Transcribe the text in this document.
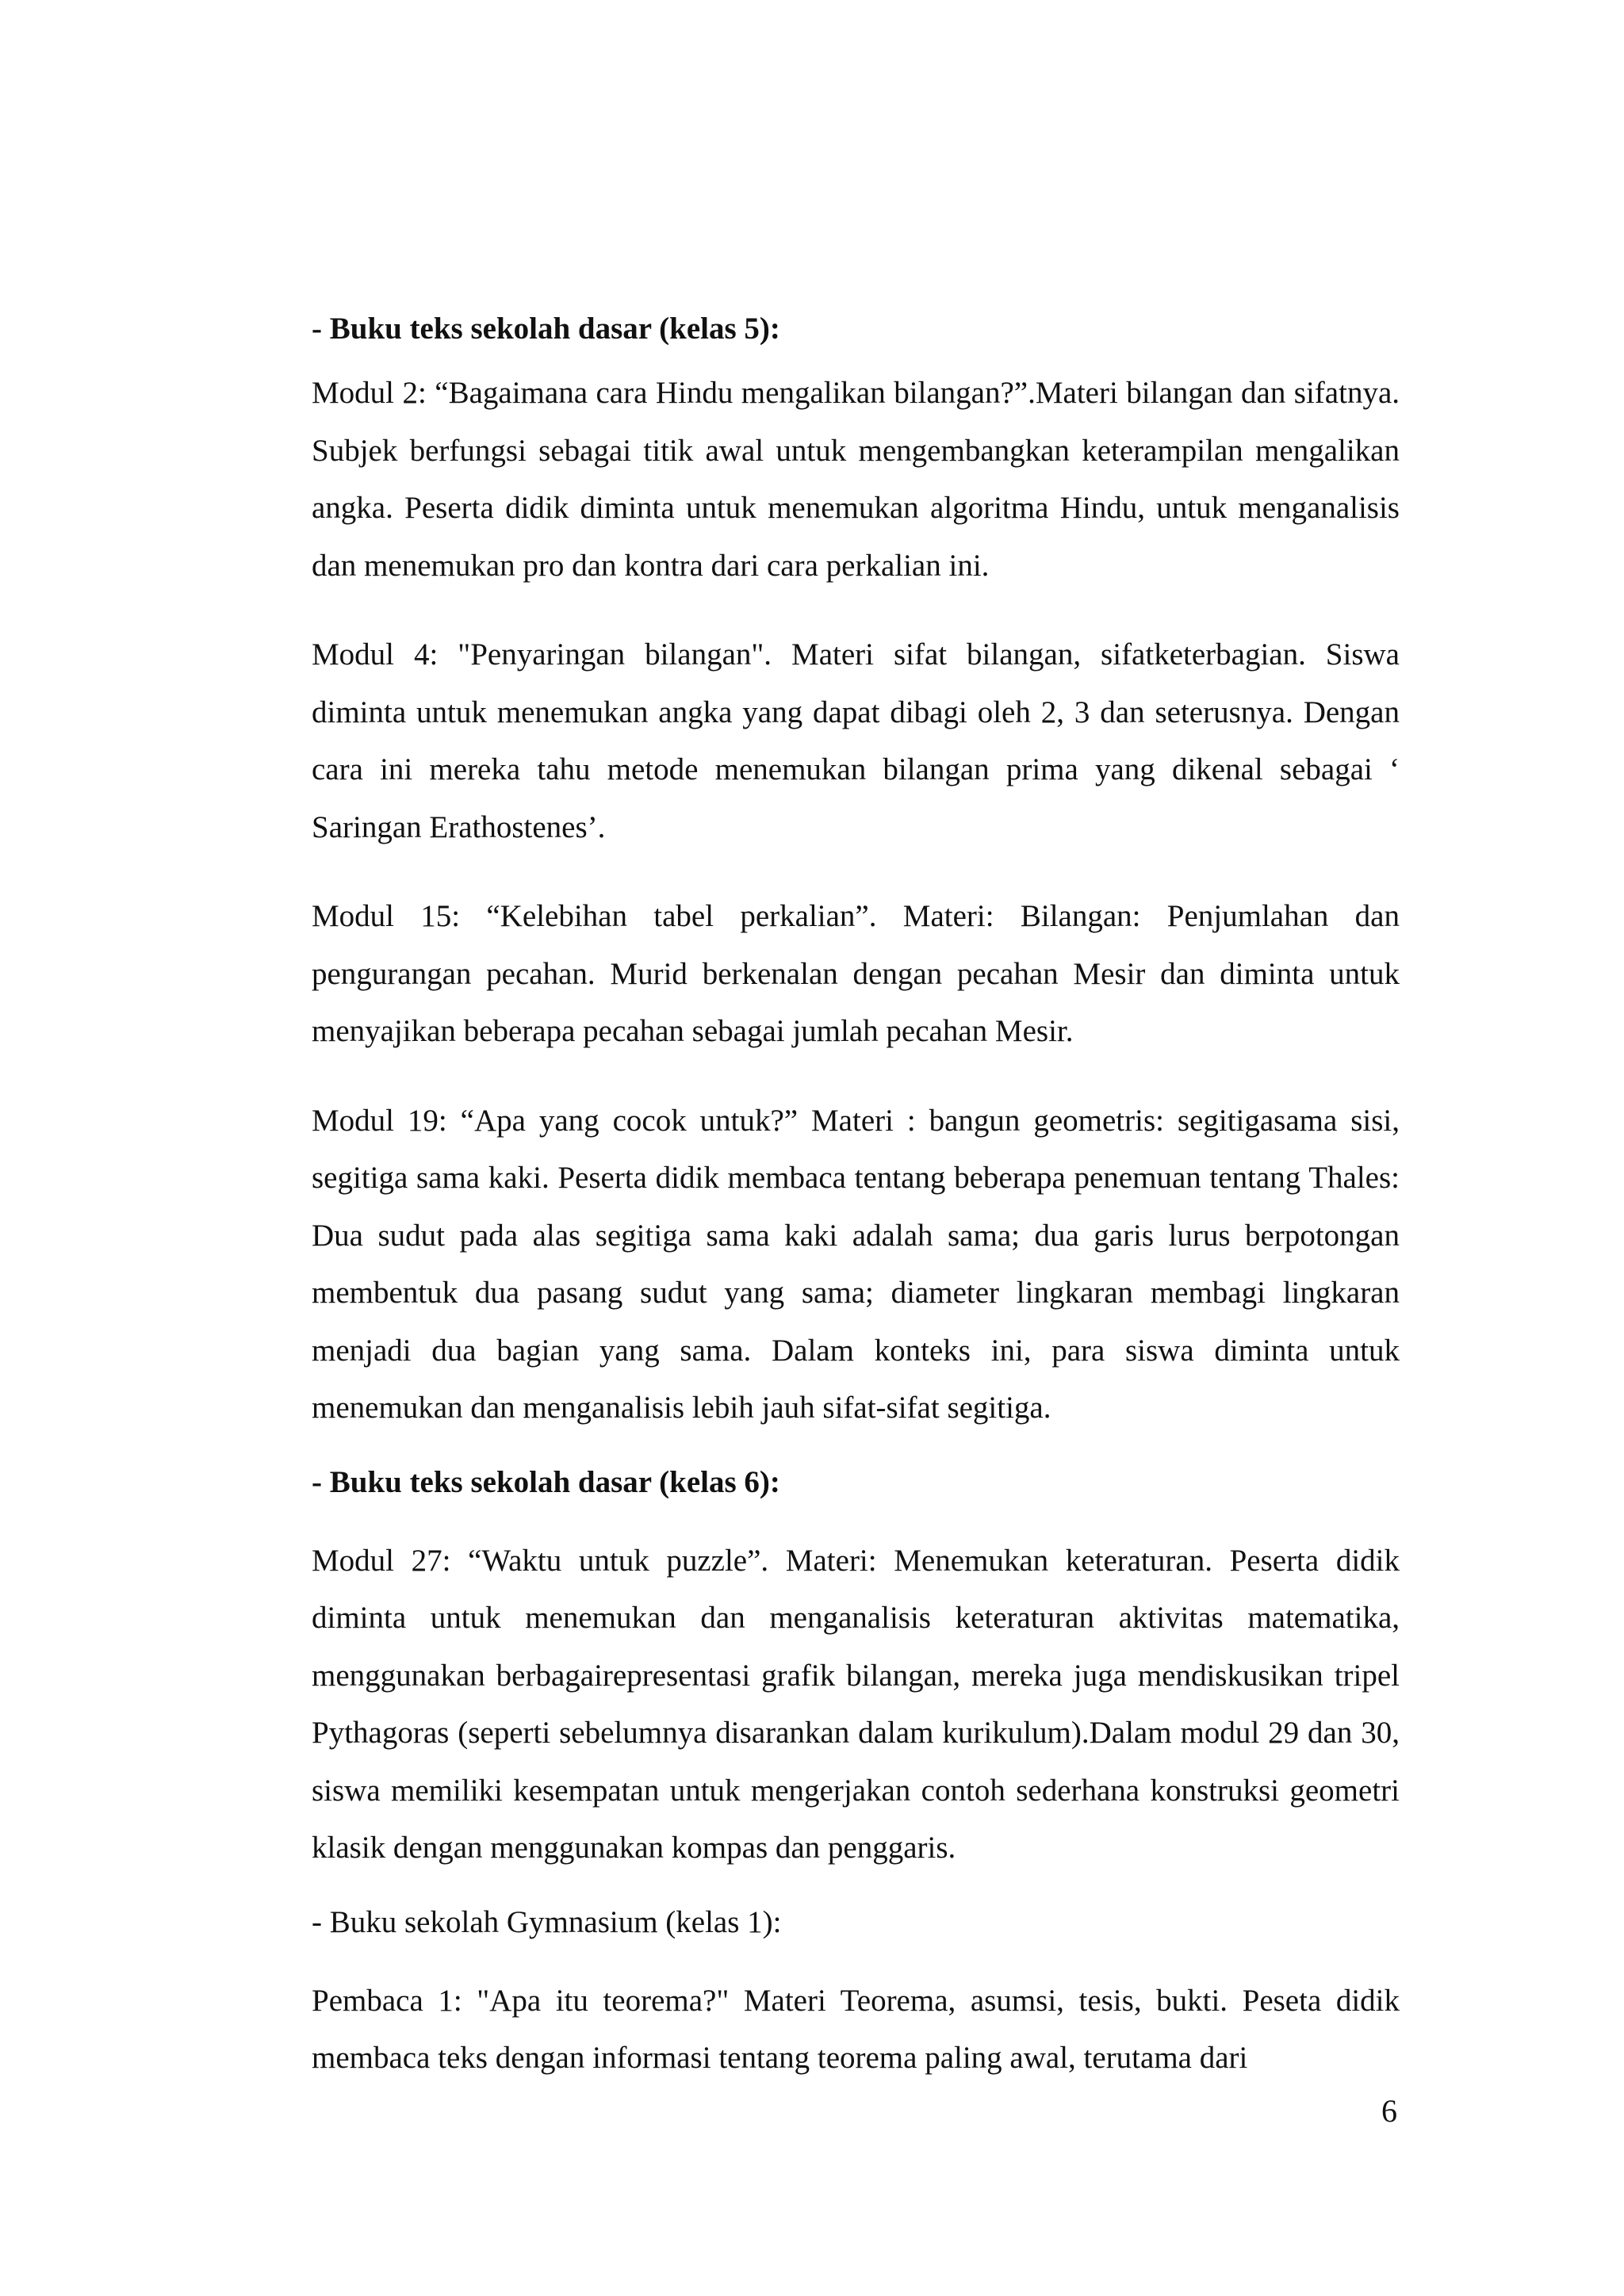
- Buku teks sekolah dasar (kelas 5):

Modul 2: “Bagaimana cara Hindu mengalikan bilangan?”.Materi bilangan dan sifatnya. Subjek berfungsi sebagai titik awal untuk mengembangkan keterampilan mengalikan angka. Peserta didik diminta untuk menemukan algoritma Hindu, untuk menganalisis dan menemukan pro dan kontra dari cara perkalian ini.

Modul 4: "Penyaringan bilangan". Materi sifat bilangan, sifatketerbagian. Siswa diminta untuk menemukan angka yang dapat dibagi oleh 2, 3 dan seterusnya. Dengan cara ini mereka tahu metode menemukan bilangan prima yang dikenal sebagai ‘ Saringan Erathostenes’.

Modul 15: “Kelebihan tabel perkalian”. Materi: Bilangan: Penjumlahan dan pengurangan pecahan. Murid berkenalan dengan pecahan Mesir dan diminta untuk menyajikan beberapa pecahan sebagai jumlah pecahan Mesir.

Modul 19: “Apa yang cocok untuk?” Materi : bangun geometris: segitigasama sisi, segitiga sama kaki. Peserta didik membaca tentang beberapa penemuan tentang Thales: Dua sudut pada alas segitiga sama kaki adalah sama; dua garis lurus berpotongan membentuk dua pasang sudut yang sama; diameter lingkaran membagi lingkaran menjadi dua bagian yang sama. Dalam konteks ini, para siswa diminta untuk menemukan dan menganalisis lebih jauh sifat-sifat segitiga.

- Buku teks sekolah dasar (kelas 6):

Modul 27: “Waktu untuk puzzle”. Materi: Menemukan keteraturan. Peserta didik diminta untuk menemukan dan menganalisis keteraturan aktivitas matematika, menggunakan berbagairepresentasi grafik bilangan, mereka juga mendiskusikan tripel Pythagoras (seperti sebelumnya disarankan dalam kurikulum).Dalam modul 29 dan 30, siswa memiliki kesempatan untuk mengerjakan contoh sederhana konstruksi geometri klasik dengan menggunakan kompas dan penggaris.

- Buku sekolah Gymnasium (kelas 1):

Pembaca 1: "Apa itu teorema?" Materi Teorema, asumsi, tesis, bukti. Peseta didik membaca teks dengan informasi tentang teorema paling awal, terutama dari

6
